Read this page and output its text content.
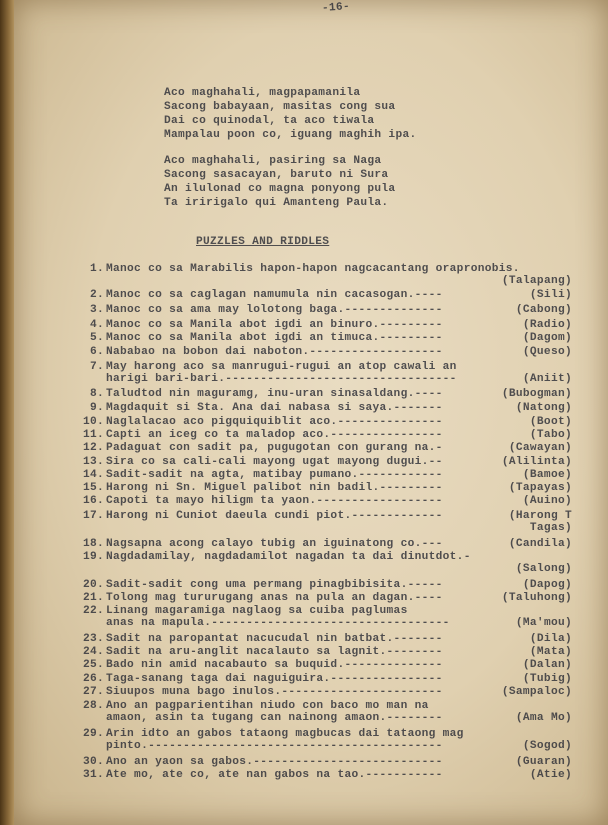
-16-
Aco maghahali, magpapamanila
Sacong babayaan, masitas cong sua
Dai co quinodal, ta aco tiwala
Mampalau poon co, iguang maghih ipa.
Aco maghahali, pasiring sa Naga
Sacong sasacayan, baruto ni Sura
An ilulonad co magna ponyong pula
Ta iririgalo qui Amanteng Paula.
PUZZLES AND RIDDLES
1. Manoc co sa Marabilis hapon-hapon nagcacantang orapronobis.
(Talapang)
2. Manoc co sa caglagan namumula nin cacasogan.----	(Sili)
3. Manoc co sa ama may lolotong baga.--------------	(Cabong)
4. Manoc co sa Manila abot igdi an binuro.---------	(Radio)
5. Manoc co sa Manila abot igdi an timuca.---------	(Dagom)
6. Nababao na bobon dai naboton.-------------------	(Queso)
7. May harong aco sa manrugui-rugui an atop cawali an
harigi bari-bari.---------------------------------	(Aniit)
8. Taludtod nin maguramg, inu-uran sinasaldang.----	(Bubogman)
9. Magdaquit si Sta. Ana dai nabasa si saya.-------	(Natong)
10. Naglalacao aco pigquiquiblit aco.---------------	(Boot)
11. Capti an iceg co ta maladop aco.----------------	(Tabo)
12. Padaguat con sadit pa, pugugotan con gurang na.-	(Cawayan)
13. Sira co sa cali-cali mayong ugat mayong dugui.--	(Alilinta)
14. Sadit-sadit na agta, matibay pumano.------------	(Bamoe)
15. Harong ni Sn. Miguel palibot nin badil.---------	(Tapayas)
16. Capoti ta mayo hiligm ta yaon.------------------	(Auino)
17. Harong ni Cuniot daeula cundi piot.-------------	(Harong T
Tagas)
18. Nagsapna acong calayo tubig an iguinatong co.---	(Candila)
19. Nagdadamilay, nagdadamilot nagadan ta dai dinutdot.-
(Salong)
20. Sadit-sadit cong uma permang pinagbibisita.-----	(Dapog)
21. Tolong mag tururugang anas na pula an dagan.----	(Taluhong)
22. Linang magaramiga naglaog sa cuiba paglumas
anas na mapula.----------------------------------	(Ma'mou)
23. Sadit na paropantat nacucudal nin batbat.-------	(Dila)
24. Sadit na aru-anglit nacalauto sa lagnit.--------	(Mata)
25. Bado nin amid nacabauto sa buquid.--------------	(Dalan)
26. Taga-sanang taga dai naguiguira.----------------	(Tubig)
27. Siuupos muna bago inulos.-----------------------	(Sampaloc)
28. Ano an pagparientihan niudo con baco mo man na
amaon, asin ta tugang can nainong amaon.--------	(Ama Mo)
29. Arin idto an gabos tataong magbucas dai tataong mag
pinto.------------------------------------------	(Sogod)
30. Ano an yaon sa gabos.---------------------------	(Guaran)
31. Ate mo, ate co, ate nan gabos na tao.-----------	(Atie)
